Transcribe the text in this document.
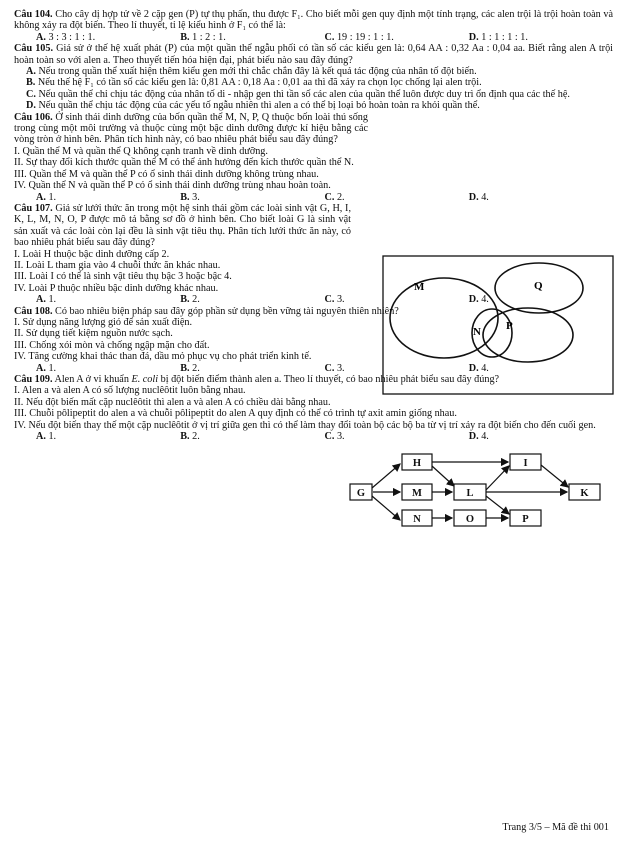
Câu 104. Cho cây dị hợp tử về 2 cặp gen (P) tự thụ phấn, thu được F₁. Cho biết mỗi gen quy định một tính trạng, các alen trội là trội hoàn toàn và không xảy ra đột biến. Theo lí thuyết, tỉ lệ kiểu hình ở F₁ có thể là:
A. 3 : 3 : 1 : 1.	B. 1 : 2 : 1.	C. 19 : 19 : 1 : 1.	D. 1 : 1 : 1 : 1.
Câu 105. Giả sử ở thế hệ xuất phát (P) của một quần thể ngẫu phối có tần số các kiểu gen là: 0,64 AA : 0,32 Aa : 0,04 aa. Biết rằng alen A trội hoàn toàn so với alen a. Theo thuyết tiến hóa hiện đại, phát biểu nào sau đây đúng?
A. Nếu trong quần thể xuất hiện thêm kiểu gen mới thì chắc chắn đây là kết quả tác động của nhân tố đột biến.
B. Nếu thế hệ F₁ có tần số các kiểu gen là: 0,81 AA : 0,18 Aa : 0,01 aa thì đã xảy ra chọn lọc chống lại alen trội.
C. Nếu quần thể chỉ chịu tác động của nhân tố di - nhập gen thì tần số các alen của quần thể luôn được duy trì ổn định qua các thế hệ.
D. Nếu quần thể chịu tác động của các yếu tố ngẫu nhiên thì alen a có thể bị loại bỏ hoàn toàn ra khỏi quần thể.
Câu 106. Ở sinh thái dinh dưỡng của bốn quần thể M, N, P, Q thuộc bốn loài thú sống trong cùng một môi trường và thuộc cùng một bậc dinh dưỡng được kí hiệu bằng các vòng tròn ở hình bên. Phân tích hình này, có bao nhiêu phát biểu sau đây đúng?
I. Quần thể M và quần thể Q không cạnh tranh về dinh dưỡng.
II. Sự thay đổi kích thước quần thể M có thể ảnh hưởng đến kích thước quần thể N.
III. Quần thể M và quần thể P có ổ sinh thái dinh dưỡng không trùng nhau.
IV. Quần thể N và quần thể P có ổ sinh thái dinh dưỡng trùng nhau hoàn toàn.
A. 1.	B. 3.	C. 2.	D. 4.
Câu 107. Giả sử lưới thức ăn trong một hệ sinh thái gồm các loài sinh vật G, H, I, K, L, M, N, O, P được mô tả bằng sơ đồ ở hình bên. Cho biết loài G là sinh vật sản xuất và các loài còn lại đều là sinh vật tiêu thụ. Phân tích lưới thức ăn này, có bao nhiêu phát biểu sau đây đúng?
I. Loài H thuộc bậc dinh dưỡng cấp 2.
II. Loài L tham gia vào 4 chuỗi thức ăn khác nhau.
III. Loài I có thể là sinh vật tiêu thụ bậc 3 hoặc bậc 4.
IV. Loài P thuộc nhiều bậc dinh dưỡng khác nhau.
A. 1.	B. 2.	C. 3.	D. 4.
Câu 108. Có bao nhiêu biện pháp sau đây góp phần sử dụng bền vững tài nguyên thiên nhiên?
I. Sử dụng năng lượng gió để sản xuất điện.
II. Sử dụng tiết kiệm nguồn nước sạch.
III. Chống xói mòn và chống ngập mặn cho đất.
IV. Tăng cường khai thác than đá, dầu mỏ phục vụ cho phát triển kinh tế.
A. 1.	B. 2.	C. 3.	D. 4.
Câu 109. Alen A ở vi khuẩn E. coli bị đột biến điểm thành alen a. Theo lí thuyết, có bao nhiêu phát biểu sau đây đúng?
I. Alen a và alen A có số lượng nuclêôtit luôn bằng nhau.
II. Nếu đột biến mất cặp nuclêôtit thì alen a và alen A có chiều dài bằng nhau.
III. Chuỗi pôlipeptit do alen a và chuỗi pôlipeptit do alen A quy định có thể có trình tự axit amin giống nhau.
IV. Nếu đột biến thay thế một cặp nuclêôtit ở vị trí giữa gen thì có thể làm thay đổi toàn bộ các bộ ba từ vị trí xảy ra đột biến cho đến cuối gen.
A. 1.	B. 2.	C. 3.	D. 4.
M	Q
N P
G
H
M
N
L
O
I
P
K
Trang 3/5 – Mã đề thi 001
